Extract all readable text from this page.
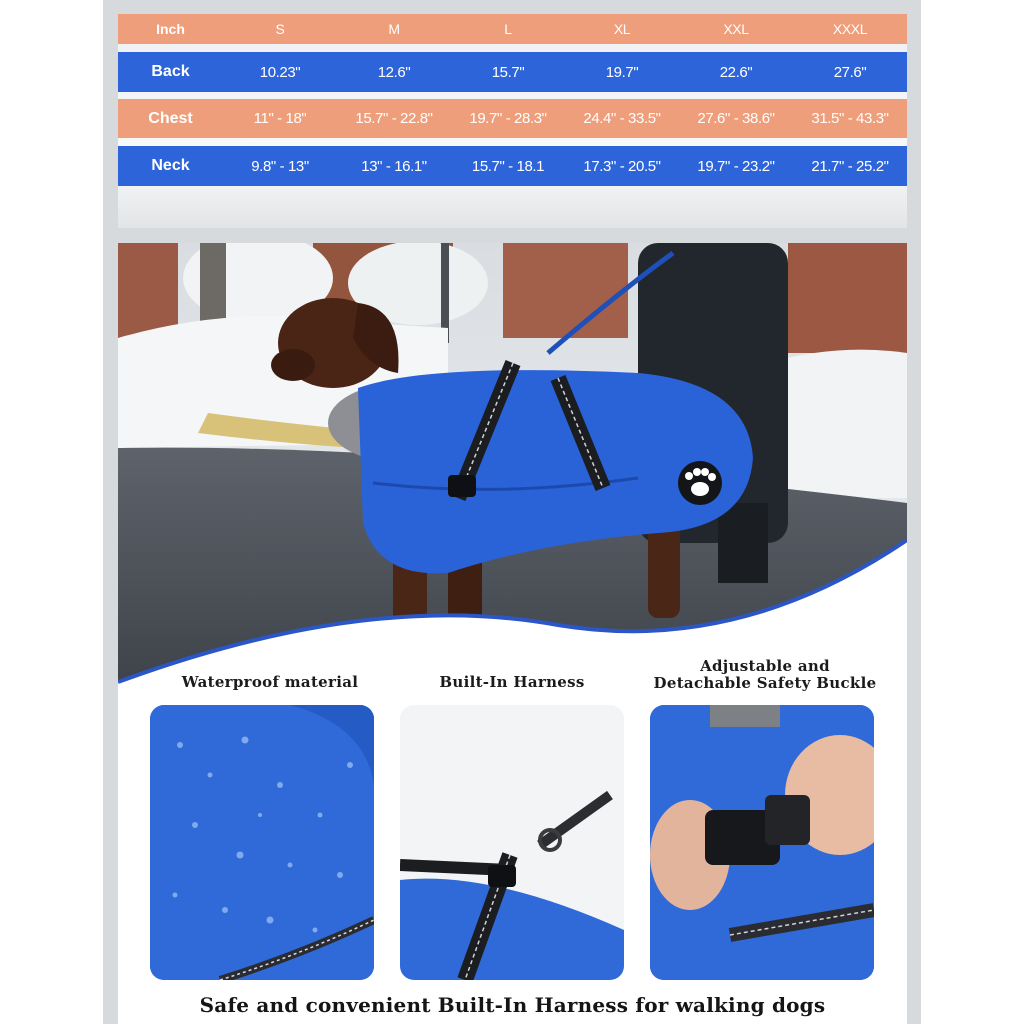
Inch	S	M	L	XL	XXL	XXXL
Back	10.23"	12.6"	15.7"	19.7"	22.6"	27.6"
Chest	11" - 18"	15.7" - 22.8"	19.7" - 28.3"	24.4" - 33.5"	27.6" - 38.6"	31.5" - 43.3"
Neck	9.8" - 13"	13" - 16.1"	15.7" - 18.1	17.3" - 20.5"	19.7" - 23.2"	21.7" - 25.2"
Waterproof material	Built-In Harness
Adjustable and
Detachable Safety Buckle
Safe and convenient Built-In Harness for walking dogs
